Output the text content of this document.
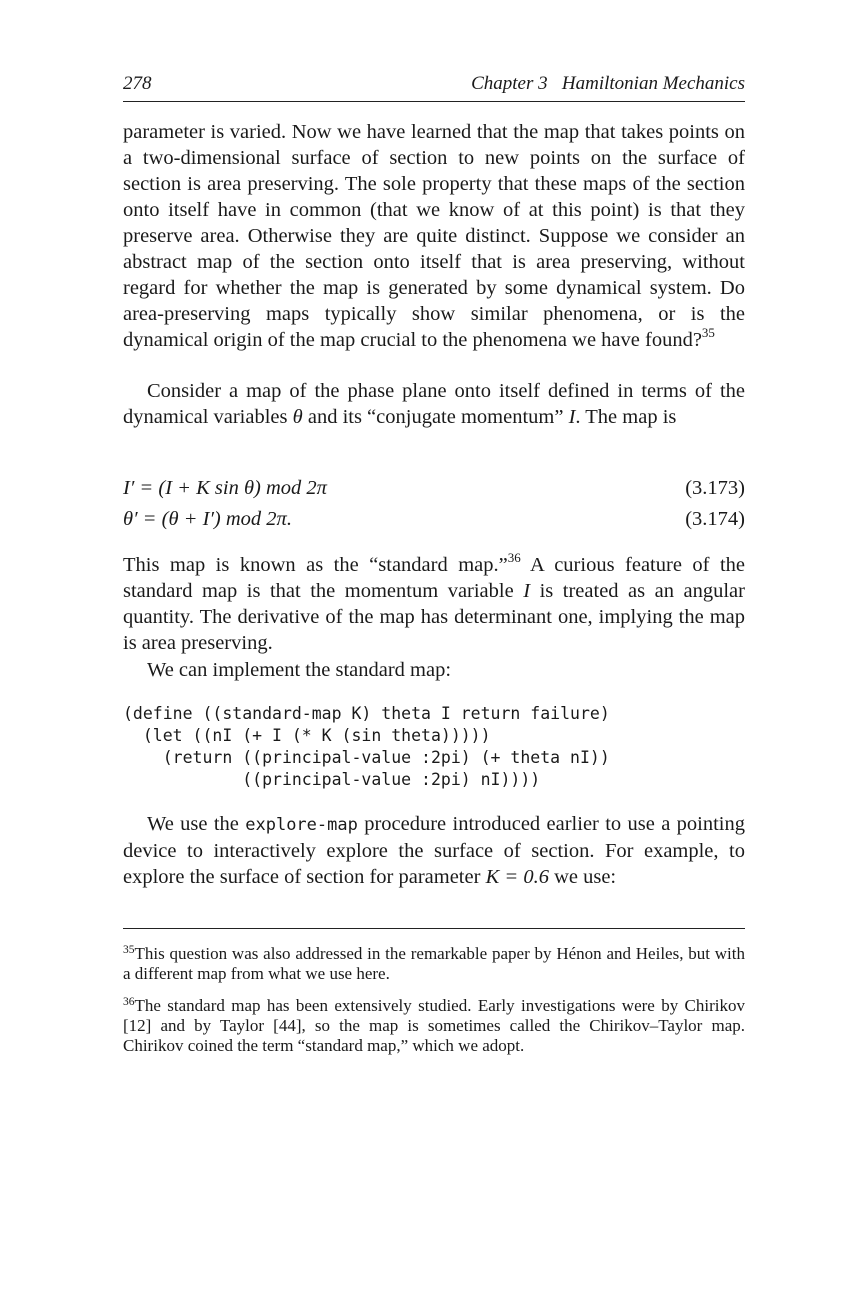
278	Chapter 3   Hamiltonian Mechanics

parameter is varied. Now we have learned that the map that takes points on a two-dimensional surface of section to new points on the surface of section is area preserving. The sole property that these maps of the section onto itself have in common (that we know of at this point) is that they preserve area. Otherwise they are quite distinct. Suppose we consider an abstract map of the section onto itself that is area preserving, without regard for whether the map is generated by some dynamical system. Do area-preserving maps typically show similar phenomena, or is the dynamical origin of the map crucial to the phenomena we have found?$^{35}$

Consider a map of the phase plane onto itself defined in terms of the dynamical variables θ and its “conjugate momentum” I. The map is

I′ = (I + K sin θ) mod 2π	(3.173)
θ′ = (θ + I′) mod 2π.	(3.174)

This map is known as the “standard map.”$^{36}$ A curious feature of the standard map is that the momentum variable I is treated as an angular quantity. The derivative of the map has determinant one, implying the map is area preserving.

We can implement the standard map:

(define ((standard-map K) theta I return failure)
(let ((nI (+ I (* K (sin theta)))))
(return ((principal-value :2pi) (+ theta nI))
((principal-value :2pi) nI))))

We use the explore-map procedure introduced earlier to use a pointing device to interactively explore the surface of section. For example, to explore the surface of section for parameter K = 0.6 we use:

$^{35}$This question was also addressed in the remarkable paper by Hénon and Heiles, but with a different map from what we use here.
$^{36}$The standard map has been extensively studied. Early investigations were by Chirikov [12] and by Taylor [44], so the map is sometimes called the Chirikov–Taylor map. Chirikov coined the term “standard map,” which we adopt.
